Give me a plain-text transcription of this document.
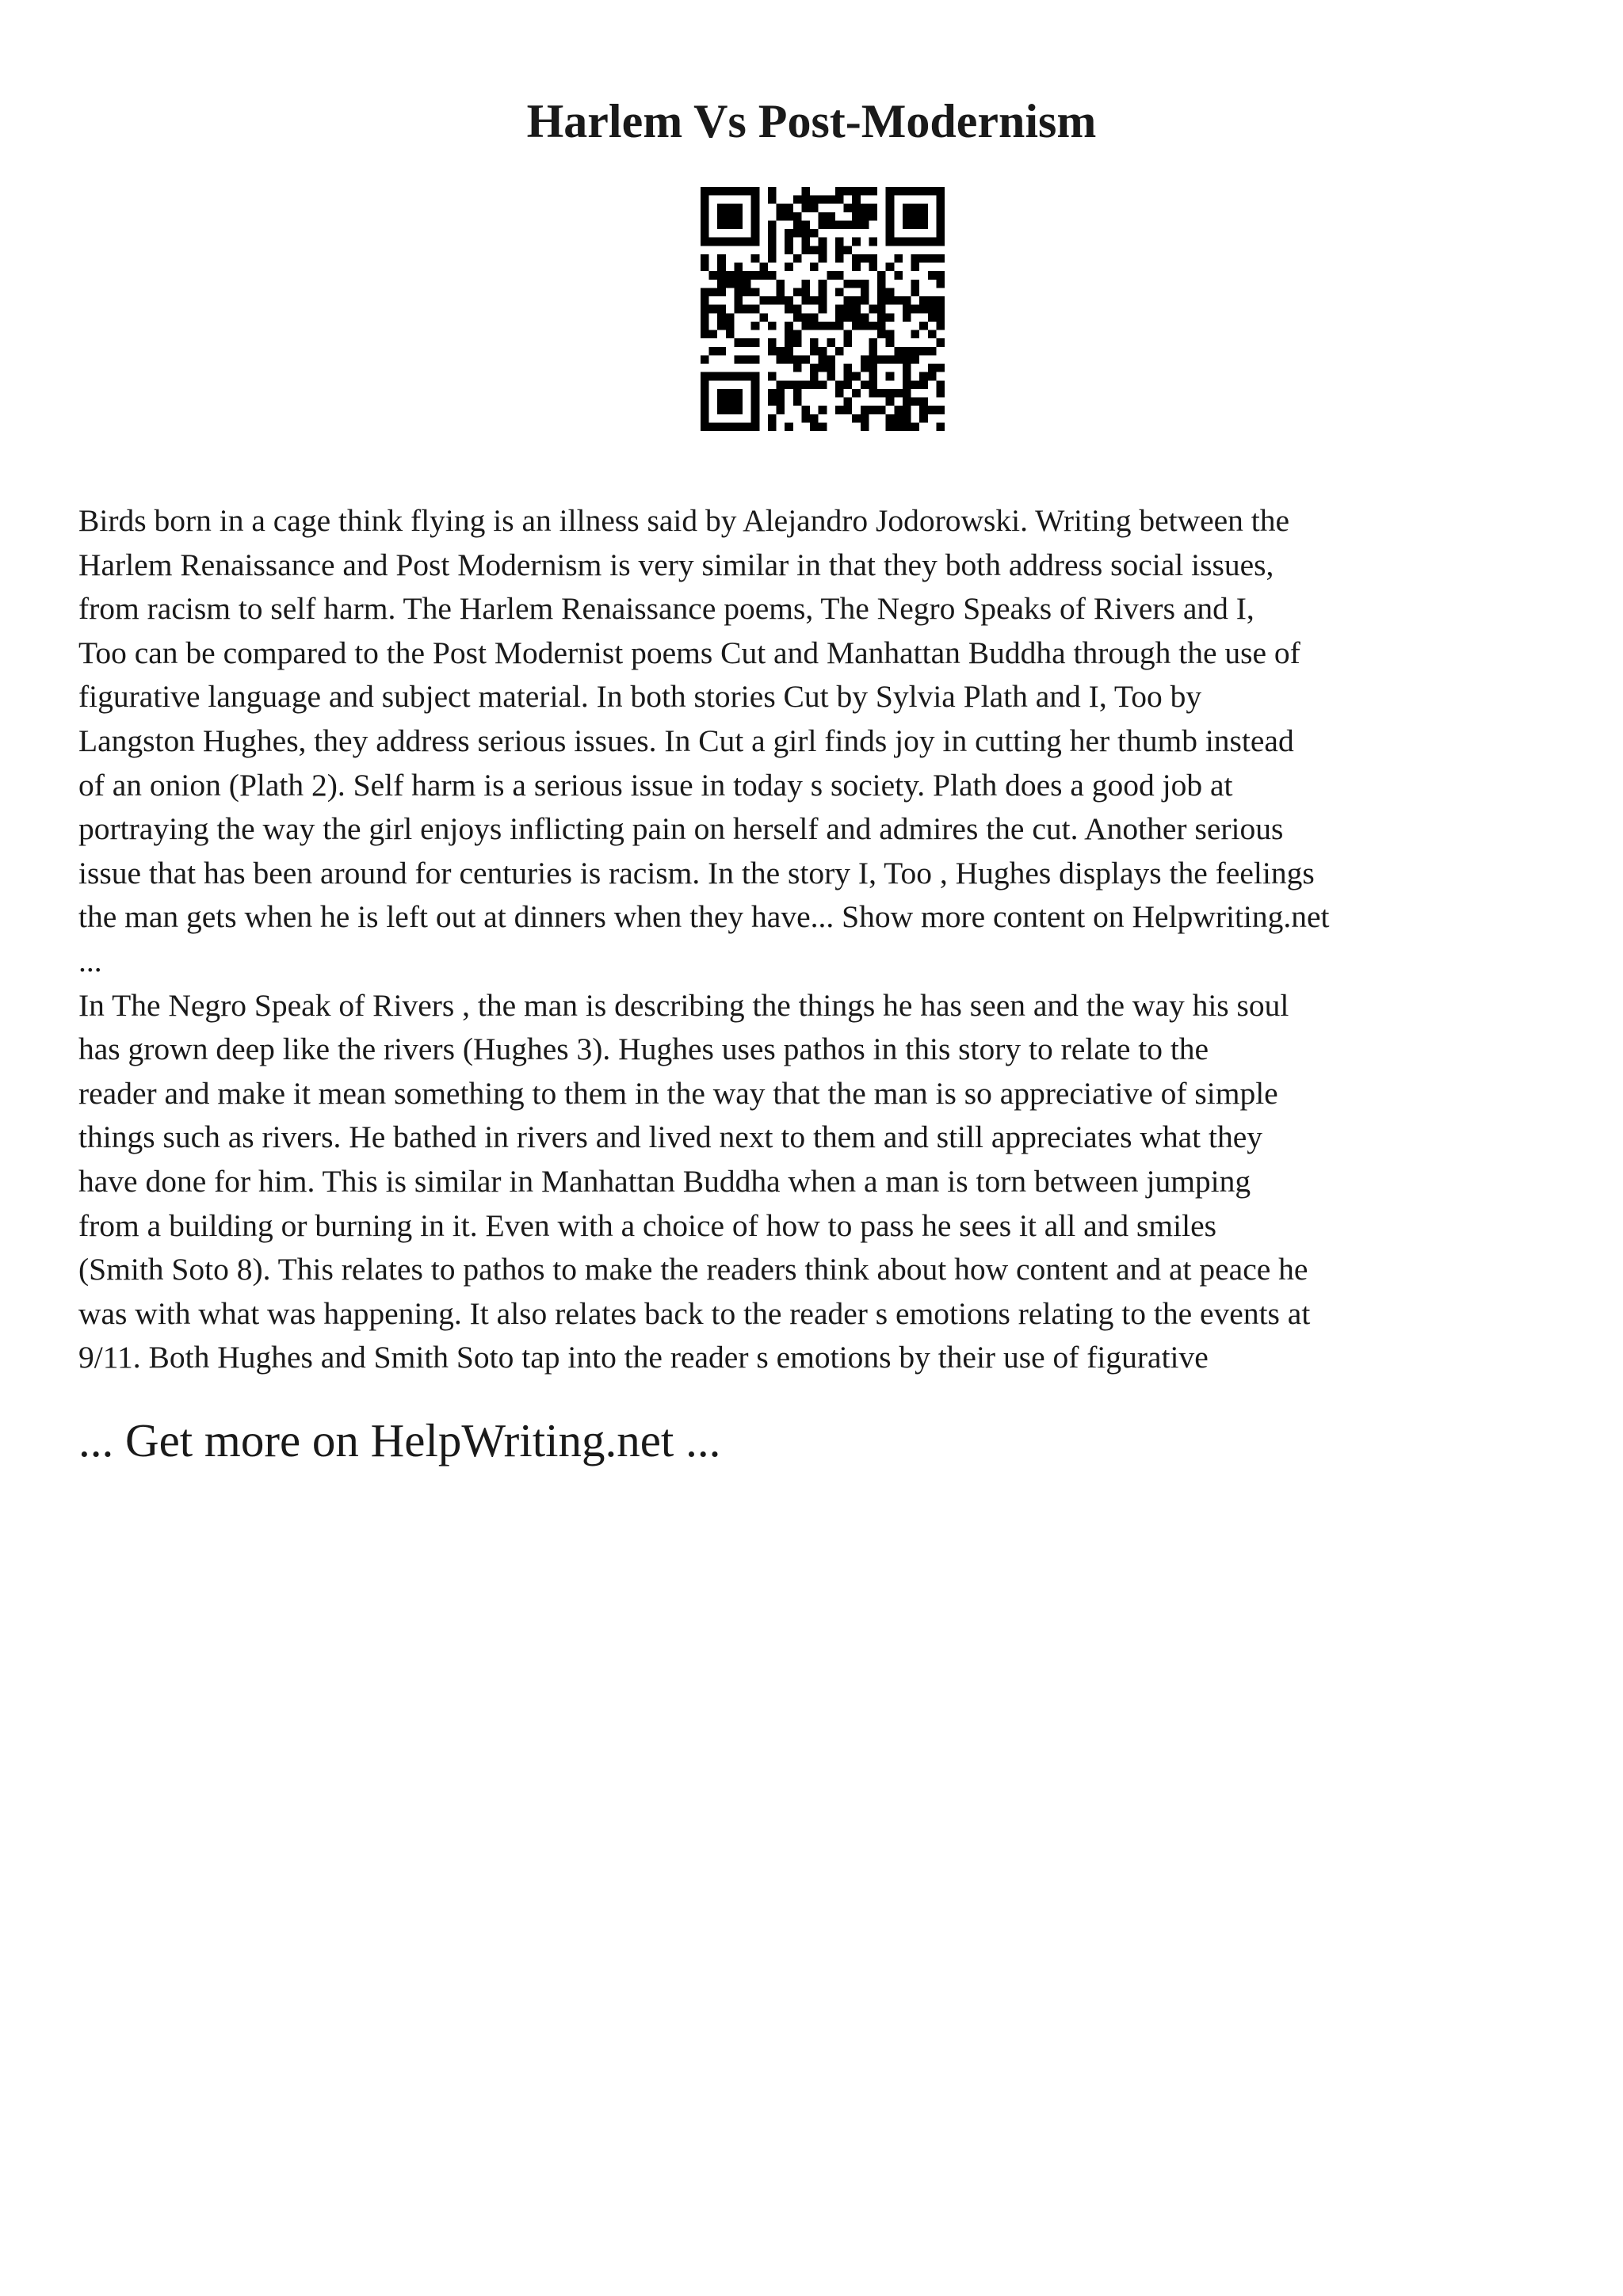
Harlem Vs Post-Modernism

Birds born in a cage think flying is an illness said by Alejandro Jodorowski. Writing between the
Harlem Renaissance and Post Modernism is very similar in that they both address social issues,
from racism to self harm. The Harlem Renaissance poems, The Negro Speaks of Rivers and I,
Too can be compared to the Post Modernist poems Cut and Manhattan Buddha through the use of
figurative language and subject material. In both stories Cut by Sylvia Plath and I, Too by
Langston Hughes, they address serious issues. In Cut a girl finds joy in cutting her thumb instead
of an onion (Plath 2). Self harm is a serious issue in today s society. Plath does a good job at
portraying the way the girl enjoys inflicting pain on herself and admires the cut. Another serious
issue that has been around for centuries is racism. In the story I, Too , Hughes displays the feelings
the man gets when he is left out at dinners when they have... Show more content on Helpwriting.net
...

In The Negro Speak of Rivers , the man is describing the things he has seen and the way his soul
has grown deep like the rivers (Hughes 3). Hughes uses pathos in this story to relate to the
reader and make it mean something to them in the way that the man is so appreciative of simple
things such as rivers. He bathed in rivers and lived next to them and still appreciates what they
have done for him. This is similar in Manhattan Buddha when a man is torn between jumping
from a building or burning in it. Even with a choice of how to pass he sees it all and smiles
(Smith Soto 8). This relates to pathos to make the readers think about how content and at peace he
was with what was happening. It also relates back to the reader s emotions relating to the events at
9/11. Both Hughes and Smith Soto tap into the reader s emotions by their use of figurative

... Get more on HelpWriting.net ...
